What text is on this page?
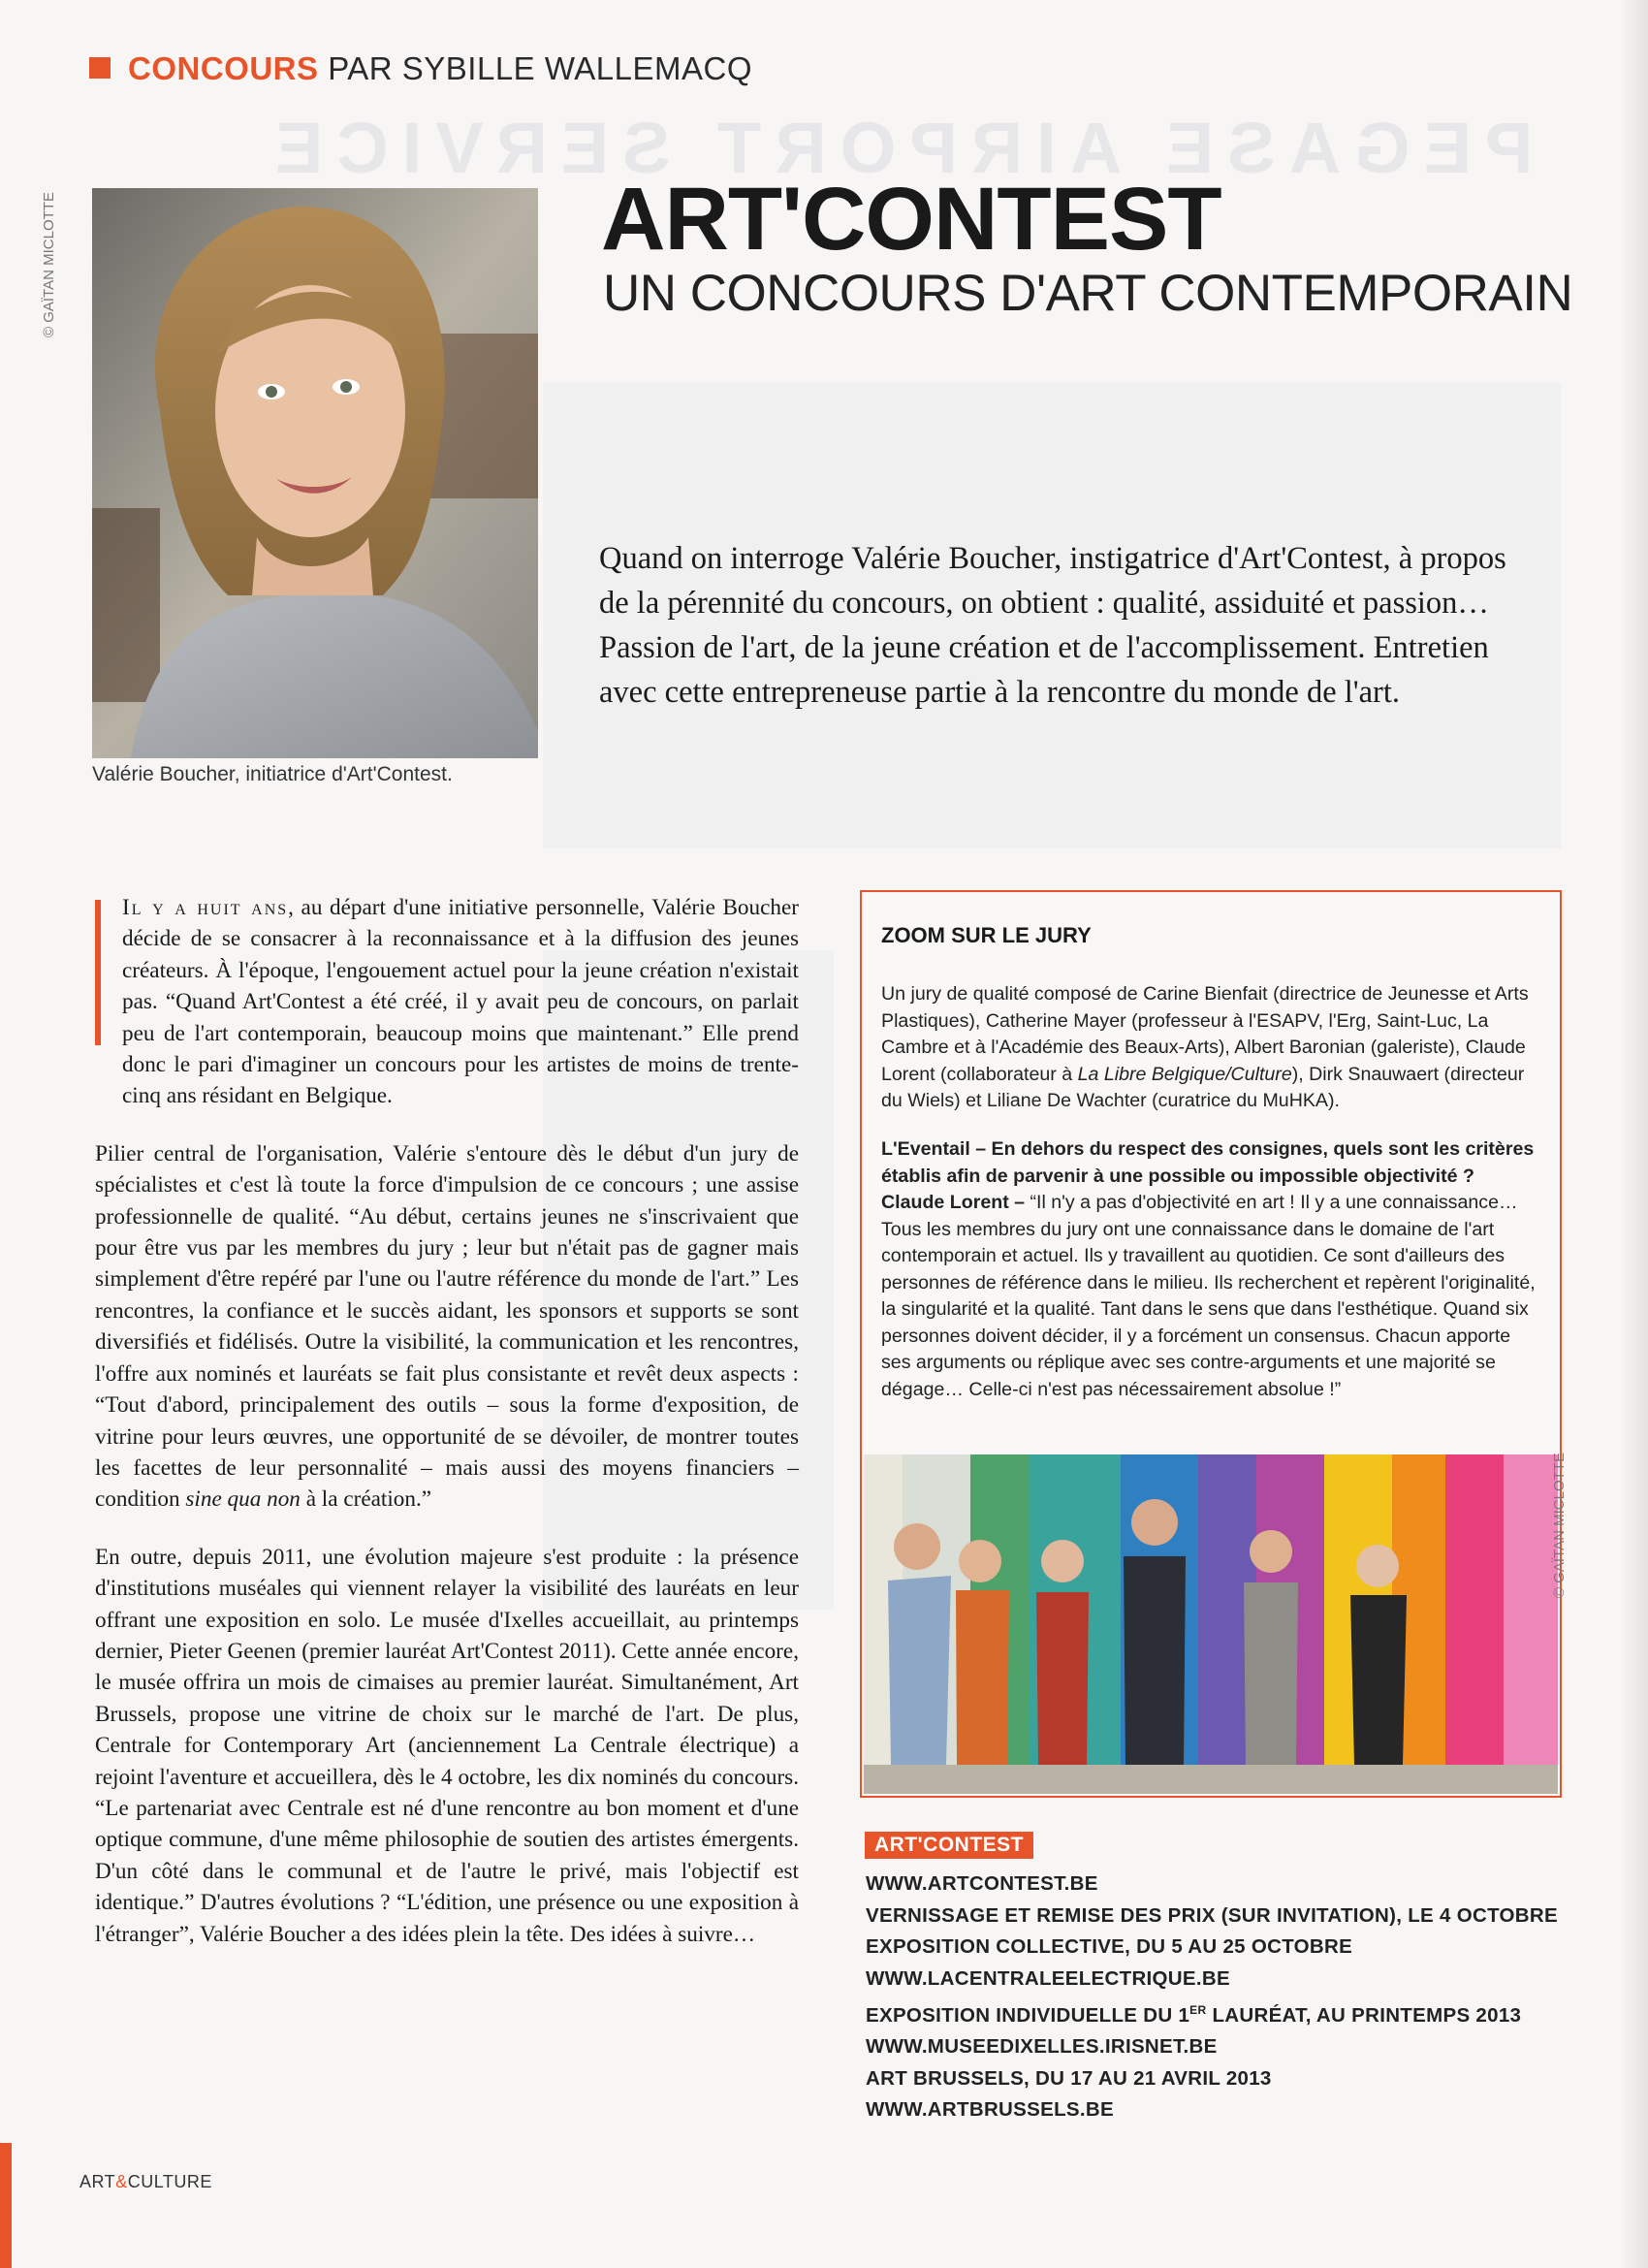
PEGASE AIRPORT SERVICE
CONCOURS PAR SYBILLE WALLEMACQ
© GAÏTAN MICLOTTE
Valérie Boucher, initiatrice d'Art'Contest.
ART'CONTEST
UN CONCOURS D'ART CONTEMPORAIN
Quand on interroge Valérie Boucher, instigatrice d'Art'Contest, à propos de la pérennité du concours, on obtient : qualité, assiduité et passion… Passion de l'art, de la jeune création et de l'accomplissement. Entretien avec cette entrepreneuse partie à la rencontre du monde de l'art.

Il y a huit ans, au départ d'une initiative personnelle, Valérie Boucher décide de se consacrer à la reconnaissance et à la diffusion des jeunes créateurs. À l'époque, l'engouement actuel pour la jeune création n'existait pas. “Quand Art'Contest a été créé, il y avait peu de concours, on parlait peu de l'art contemporain, beaucoup moins que maintenant.” Elle prend donc le pari d'imaginer un concours pour les artistes de moins de trente-cinq ans résidant en Belgique.

Pilier central de l'organisation, Valérie s'entoure dès le début d'un jury de spécialistes et c'est là toute la force d'impulsion de ce concours ; une assise professionnelle de qualité. “Au début, certains jeunes ne s'inscrivaient que pour être vus par les membres du jury ; leur but n'était pas de gagner mais simplement d'être repéré par l'une ou l'autre référence du monde de l'art.” Les rencontres, la confiance et le succès aidant, les sponsors et supports se sont diversifiés et fidélisés. Outre la visibilité, la communication et les rencontres, l'offre aux nominés et lauréats se fait plus consistante et revêt deux aspects : “Tout d'abord, principalement des outils – sous la forme d'exposition, de vitrine pour leurs œuvres, une opportunité de se dévoiler, de montrer toutes les facettes de leur personnalité – mais aussi des moyens financiers – condition sine qua non à la création.”

En outre, depuis 2011, une évolution majeure s'est produite : la présence d'institutions muséales qui viennent relayer la visibilité des lauréats en leur offrant une exposition en solo. Le musée d'Ixelles accueillait, au printemps dernier, Pieter Geenen (premier lauréat Art'Contest 2011). Cette année encore, le musée offrira un mois de cimaises au premier lauréat. Simultanément, Art Brussels, propose une vitrine de choix sur le marché de l'art. De plus, Centrale for Contemporary Art (anciennement La Centrale électrique) a rejoint l'aventure et accueillera, dès le 4 octobre, les dix nominés du concours. “Le partenariat avec Centrale est né d'une rencontre au bon moment et d'une optique commune, d'une même philosophie de soutien des artistes émergents. D'un côté dans le communal et de l'autre le privé, mais l'objectif est identique.” D'autres évolutions ? “L'édition, une présence ou une exposition à l'étranger”, Valérie Boucher a des idées plein la tête. Des idées à suivre…

ZOOM SUR LE JURY
Un jury de qualité composé de Carine Bienfait (directrice de Jeunesse et Arts Plastiques), Catherine Mayer (professeur à l'ESAPV, l'Erg, Saint-Luc, La Cambre et à l'Académie des Beaux-Arts), Albert Baronian (galeriste), Claude Lorent (collaborateur à La Libre Belgique/Culture), Dirk Snauwaert (directeur du Wiels) et Liliane De Wachter (curatrice du MuHKA).
L'Eventail – En dehors du respect des consignes, quels sont les critères établis afin de parvenir à une possible ou impossible objectivité ?
Claude Lorent – “Il n'y a pas d'objectivité en art ! Il y a une connaissance… Tous les membres du jury ont une connaissance dans le domaine de l'art contemporain et actuel. Ils y travaillent au quotidien. Ce sont d'ailleurs des personnes de référence dans le milieu. Ils recherchent et repèrent l'originalité, la singularité et la qualité. Tant dans le sens que dans l'esthétique. Quand six personnes doivent décider, il y a forcément un consensus. Chacun apporte ses arguments ou réplique avec ses contre-arguments et une majorité se dégage… Celle-ci n'est pas nécessairement absolue !”
© GAÏTAN MICLOTTE
ART'CONTEST
WWW.ARTCONTEST.BE
VERNISSAGE ET REMISE DES PRIX (SUR INVITATION), LE 4 OCTOBRE
EXPOSITION COLLECTIVE, DU 5 AU 25 OCTOBRE
WWW.LACENTRALEELECTRIQUE.BE
EXPOSITION INDIVIDUELLE DU 1ER LAURÉAT, AU PRINTEMPS 2013
WWW.MUSEEDIXELLES.IRISNET.BE
ART BRUSSELS, DU 17 AU 21 AVRIL 2013
WWW.ARTBRUSSELS.BE
ART&CULTURE
